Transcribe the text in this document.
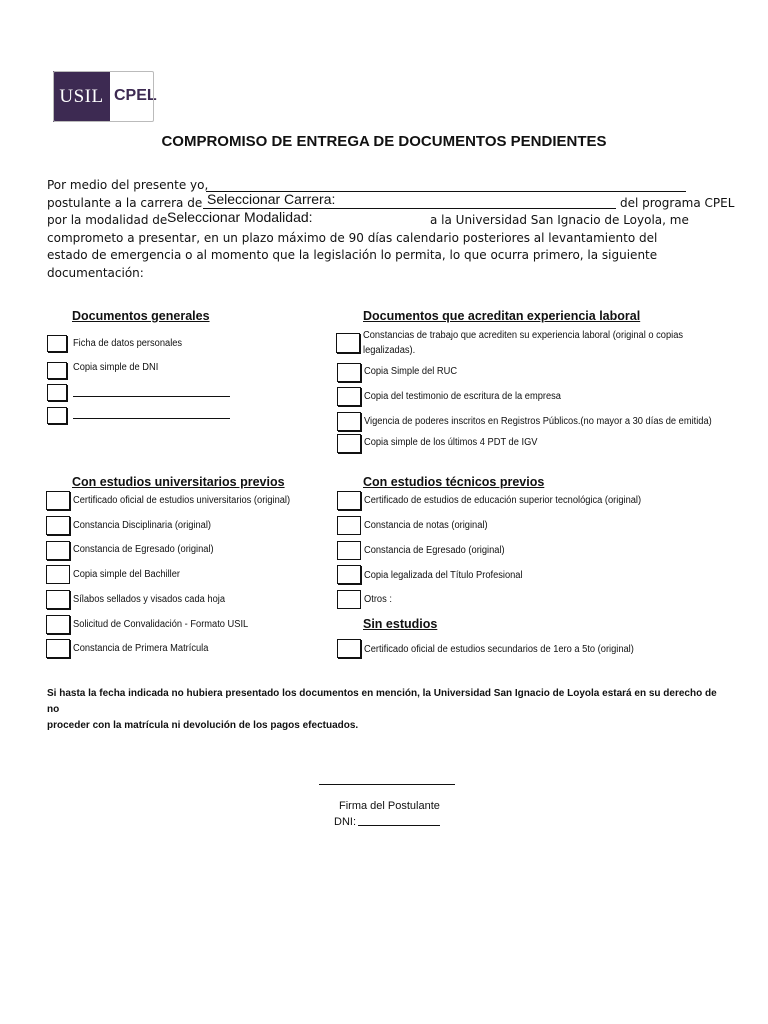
USIL CPEL
COMPROMISO DE ENTREGA DE DOCUMENTOS PENDIENTES
Por medio del presente yo,
postulante a la carrera de Seleccionar Carrera:	del programa CPEL
por la modalidad de Seleccionar Modalidad:	a la Universidad San Ignacio de Loyola, me
comprometo a presentar, en un plazo máximo de 90 días calendario posteriores al levantamiento del
estado de emergencia o al momento que la legislación lo permita, lo que ocurra primero, la siguiente
documentación:
Documentos generales
Ficha de datos personales
Copia simple de DNI
Documentos que acreditan experiencia laboral
Constancias de trabajo que acrediten su experiencia laboral (original o copias
legalizadas).
Copia Simple del RUC
Copia del testimonio de escritura de la empresa
Vigencia de poderes inscritos en Registros Públicos.(no mayor a 30 días de emitida)
Copia simple de los últimos 4 PDT de IGV
Con estudios universitarios previos
Certificado oficial de estudios universitarios (original)
Constancia Disciplinaria (original)
Constancia de Egresado (original)
Copia simple del Bachiller
Sílabos sellados y visados cada hoja
Solicitud de Convalidación - Formato USIL
Constancia de Primera Matrícula
Con estudios técnicos previos
Certificado de estudios de educación superior tecnológica (original)
Constancia de notas (original)
Constancia de Egresado (original)
Copia legalizada del Título Profesional
Otros :
Sin estudios
Certificado oficial de estudios secundarios de 1ero a 5to (original)
Si hasta la fecha indicada no hubiera presentado los documentos en mención, la Universidad San Ignacio de Loyola estará en su derecho de no
proceder con la matrícula ni devolución de los pagos efectuados.
Firma del Postulante
DNI:
